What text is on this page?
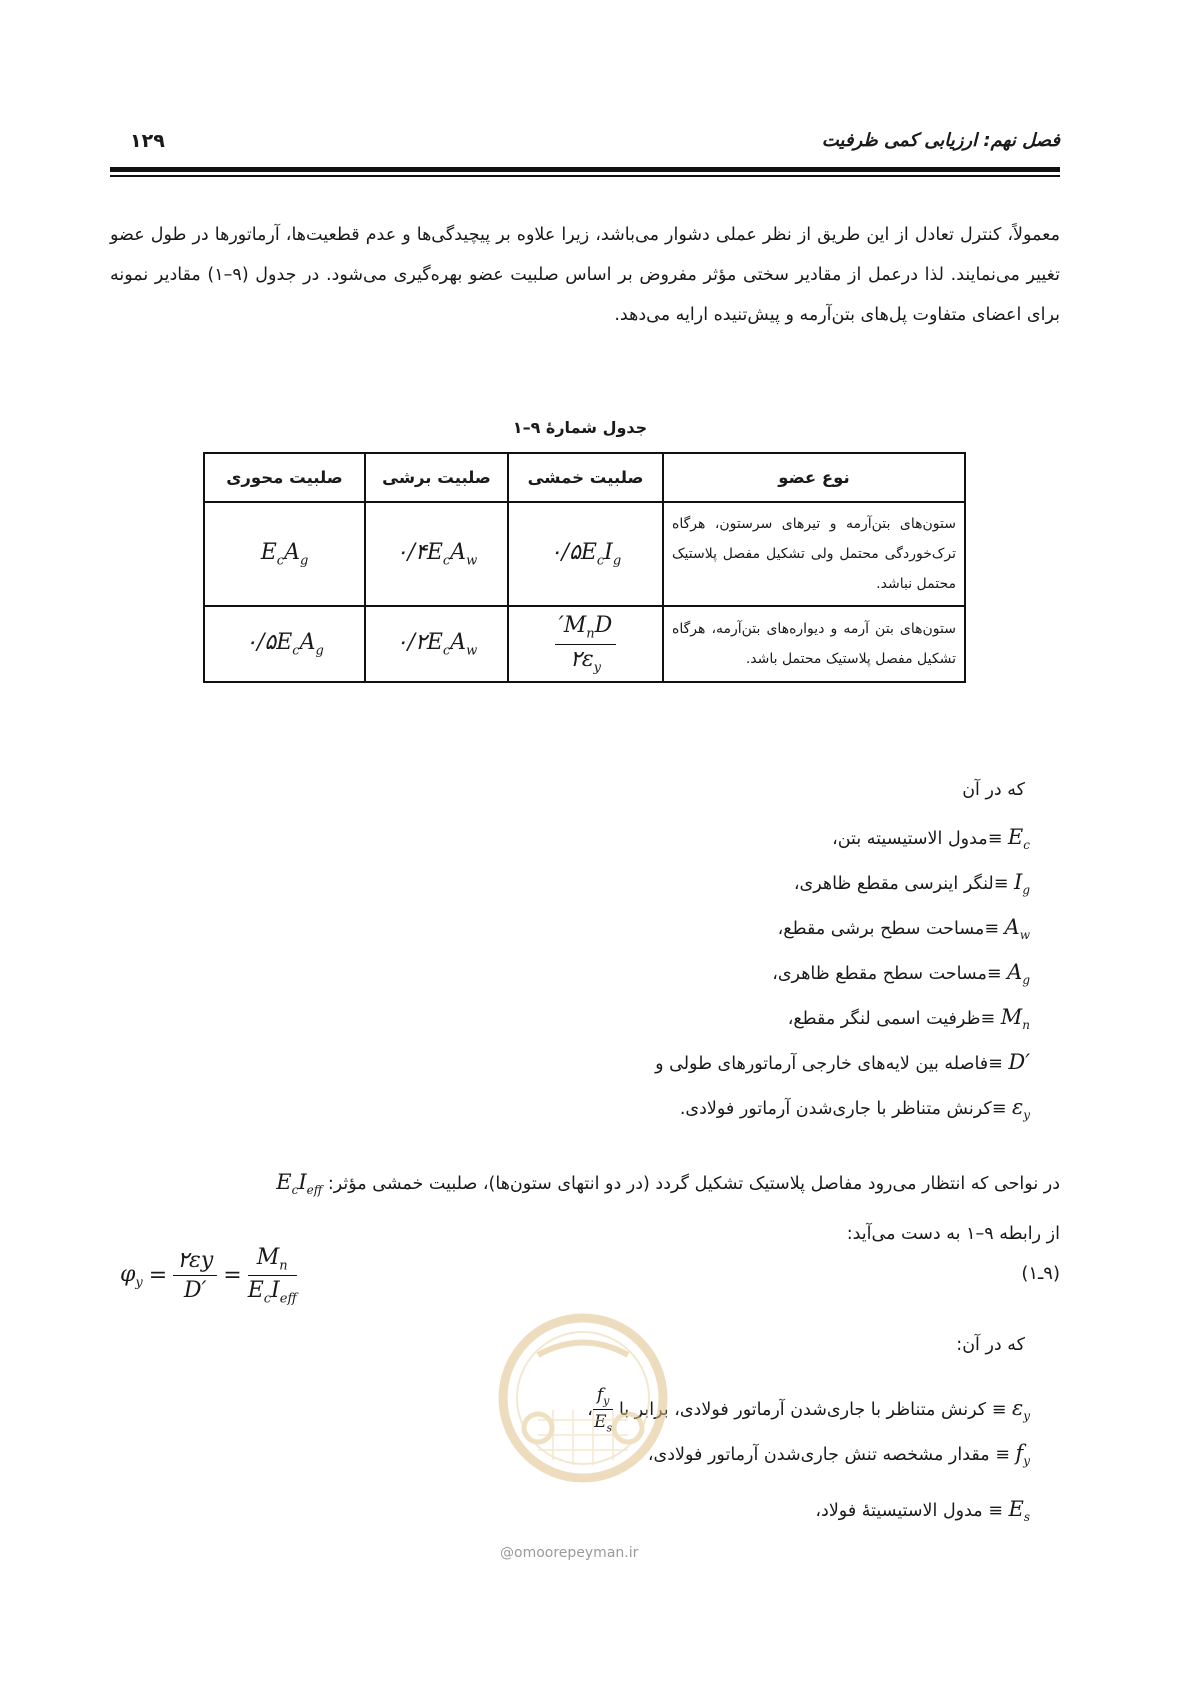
۱۲۹	فصل نهم: ارزیابی کمی ظرفیت

معمولاً، کنترل تعادل از این طریق از نظر عملی دشوار می‌باشد، زیرا علاوه بر پیچیدگی‌ها و عدم قطعیت‌ها، آرماتورها در طول عضو تغییر می‌نمایند. لذا درعمل از مقادیر سختی مؤثر مفروض بر اساس صلبیت عضو بهره‌گیری می‌شود. در جدول (۹–۱) مقادیر نمونه برای اعضای متفاوت پل‌های بتن‌آرمه و پیش‌تنیده ارایه می‌دهد.

جدول شمارهٔ ۹–۱
نوع عضو	صلبیت خمشی	صلبیت برشی	صلبیت محوری
ستون‌های بتن‌آرمه و تیرهای سرستون، هرگاه ترک‌خوردگی محتمل ولی تشکیل مفصل پلاستیک محتمل نباشد.	$۰/۵E_cI_g$	$۰/۴E_cA_w$	$E_cA_g$
ستون‌های بتن آرمه و دیواره‌های بتن‌آرمه، هرگاه تشکیل مفصل پلاستیک محتمل باشد.	$\frac{M_nD'}{۲\varepsilon_y}$	$۰/۲E_cA_w$	$۰/۵E_cA_g$
که در آن
$E_c$ ≡مدول الاستیسیته بتن،
$I_g$ ≡لنگر اینرسی مقطع ظاهری،
$A_w$ ≡مساحت سطح برشی مقطع،
$A_g$ ≡مساحت سطح مقطع ظاهری،
$M_n$ ≡ظرفیت اسمی لنگر مقطع،
D′ ≡فاصله بین لایه‌های خارجی آرماتورهای طولی و
$\varepsilon_y$ ≡کرنش متناظر با جاری‌شدن آرماتور فولادی.

در نواحی که انتظار می‌رود مفاصل پلاستیک تشکیل گردد (در دو انتهای ستون‌ها)، صلبیت خمشی مؤثر: $E_cI_{eff}$
از رابطه ۹–۱ به دست می‌آید:

(۹ـ۱)
$\varphi_y = \frac{۲\varepsilon y}{D'} = \frac{M_n}{E_cI_{eff}}$
که در آن:
$\varepsilon_y$ ≡ کرنش متناظر با جاری‌شدن آرماتور فولادی، برابر با
$\frac{f_y}{E_s}$
،
$f_y$ ≡ مقدار مشخصه تنش جاری‌شدن آرماتور فولادی،
$E_s$ ≡ مدول الاستیسیتهٔ فولاد،
@omoorepeyman.ir
